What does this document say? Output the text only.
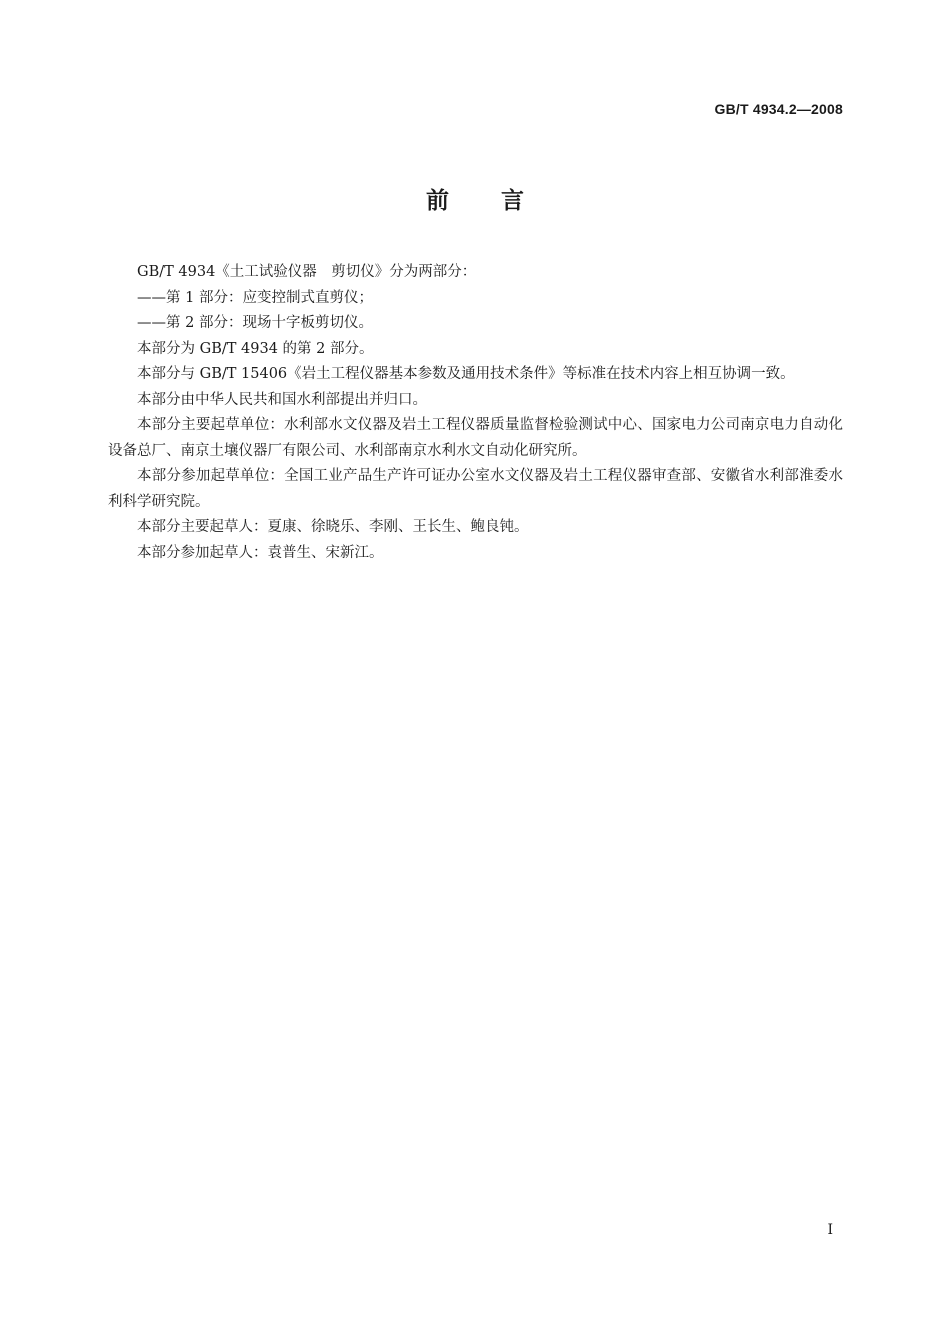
GB/T 4934.2—2008
前言

GB/T 4934《土工试验仪器　剪切仪》分为两部分：

——第 1 部分：应变控制式直剪仪；

——第 2 部分：现场十字板剪切仪。

本部分为 GB/T 4934 的第 2 部分。

本部分与 GB/T 15406《岩土工程仪器基本参数及通用技术条件》等标准在技术内容上相互协调一致。

本部分由中华人民共和国水利部提出并归口。

本部分主要起草单位：水利部水文仪器及岩土工程仪器质量监督检验测试中心、国家电力公司南京电力自动化设备总厂、南京土壤仪器厂有限公司、水利部南京水利水文自动化研究所。

本部分参加起草单位：全国工业产品生产许可证办公室水文仪器及岩土工程仪器审查部、安徽省水利部淮委水利科学研究院。

本部分主要起草人：夏康、徐晓乐、李刚、王长生、鲍良钝。

本部分参加起草人：袁普生、宋新江。

I
